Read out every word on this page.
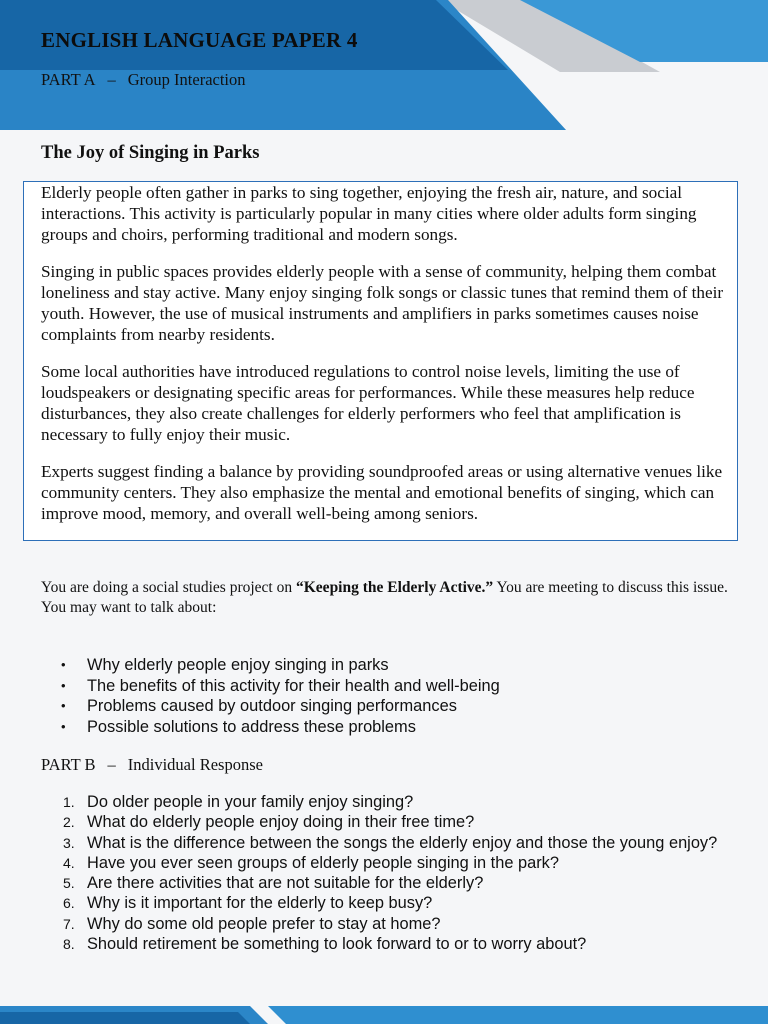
ENGLISH LANGUAGE PAPER 4
PART A – Group Interaction
The Joy of Singing in Parks

Elderly people often gather in parks to sing together, enjoying the fresh air, nature, and social interactions. This activity is particularly popular in many cities where older adults form singing groups and choirs, performing traditional and modern songs.

Singing in public spaces provides elderly people with a sense of community, helping them combat loneliness and stay active. Many enjoy singing folk songs or classic tunes that remind them of their youth. However, the use of musical instruments and amplifiers in parks sometimes causes noise complaints from nearby residents.

Some local authorities have introduced regulations to control noise levels, limiting the use of loudspeakers or designating specific areas for performances. While these measures help reduce disturbances, they also create challenges for elderly performers who feel that amplification is necessary to fully enjoy their music.

Experts suggest finding a balance by providing soundproofed areas or using alternative venues like community centers. They also emphasize the mental and emotional benefits of singing, which can improve mood, memory, and overall well-being among seniors.

You are doing a social studies project on “Keeping the Elderly Active.” You are meeting to discuss this issue.
You may want to talk about:
• Why elderly people enjoy singing in parks
• The benefits of this activity for their health and well-being
• Problems caused by outdoor singing performances
• Possible solutions to address these problems
PART B – Individual Response
1. Do older people in your family enjoy singing?
2. What do elderly people enjoy doing in their free time?
3. What is the difference between the songs the elderly enjoy and those the young enjoy?
4. Have you ever seen groups of elderly people singing in the park?
5. Are there activities that are not suitable for the elderly?
6. Why is it important for the elderly to keep busy?
7. Why do some old people prefer to stay at home?
8. Should retirement be something to look forward to or to worry about?
